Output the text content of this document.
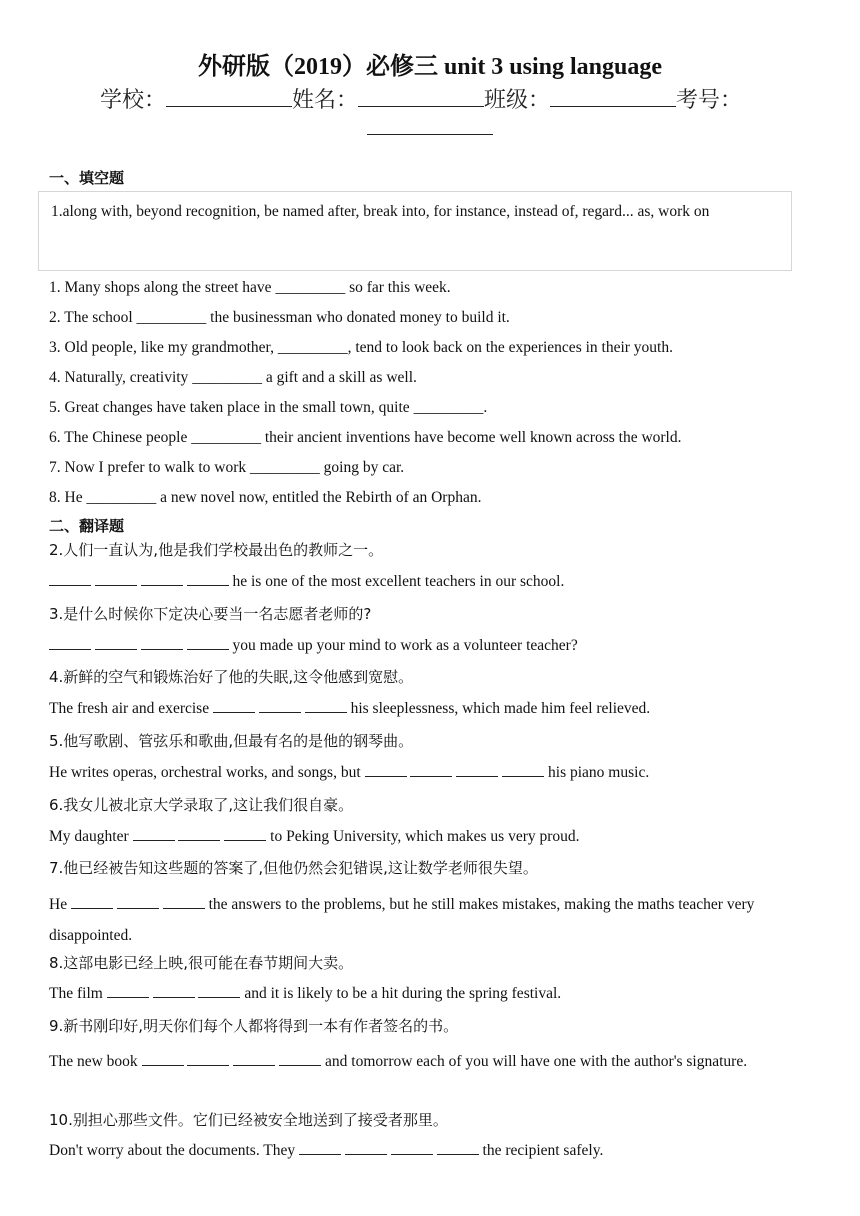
外研版（2019）必修三 unit 3 using language
学校：	姓名：	班级：	考号：
一、填空题
1.along with, beyond recognition, be named after, break into, for instance, instead of, regard... as, work on
1. Many shops along the street have _________ so far this week.
2. The school _________ the businessman who donated money to build it.
3. Old people, like my grandmother, _________, tend to look back on the experiences in their youth.
4. Naturally, creativity _________ a gift and a skill as well.
5. Great changes have taken place in the small town, quite _________.
6. The Chinese people _________ their ancient inventions have become well known across the world.
7. Now I prefer to walk to work _________ going by car.
8. He _________ a new novel now, entitled the Rebirth of an Orphan.
二、翻译题
2.人们一直认为,他是我们学校最出色的教师之一。
he is one of the most excellent teachers in our school.
3.是什么时候你下定决心要当一名志愿者老师的?
you made up your mind to work as a volunteer teacher?
4.新鲜的空气和锻炼治好了他的失眠,这令他感到宽慰。
The fresh air and exercise	his sleeplessness, which made him feel relieved.
5.他写歌剧、管弦乐和歌曲,但最有名的是他的钢琴曲。
He writes operas, orchestral works, and songs, but	his piano music.
6.我女儿被北京大学录取了,这让我们很自豪。
My daughter	to Peking University, which makes us very proud.
7.他已经被告知这些题的答案了,但他仍然会犯错误,这让数学老师很失望。
He	the answers to the problems, but he still makes mistakes, making the maths teacher very disappointed.
8.这部电影已经上映,很可能在春节期间大卖。
The film	and it is likely to be a hit during the spring festival.
9.新书刚印好,明天你们每个人都将得到一本有作者签名的书。
The new book	and tomorrow each of you will have one with the author's signature.
10.别担心那些文件。它们已经被安全地送到了接受者那里。
Don't worry about the documents. They	the recipient safely.
